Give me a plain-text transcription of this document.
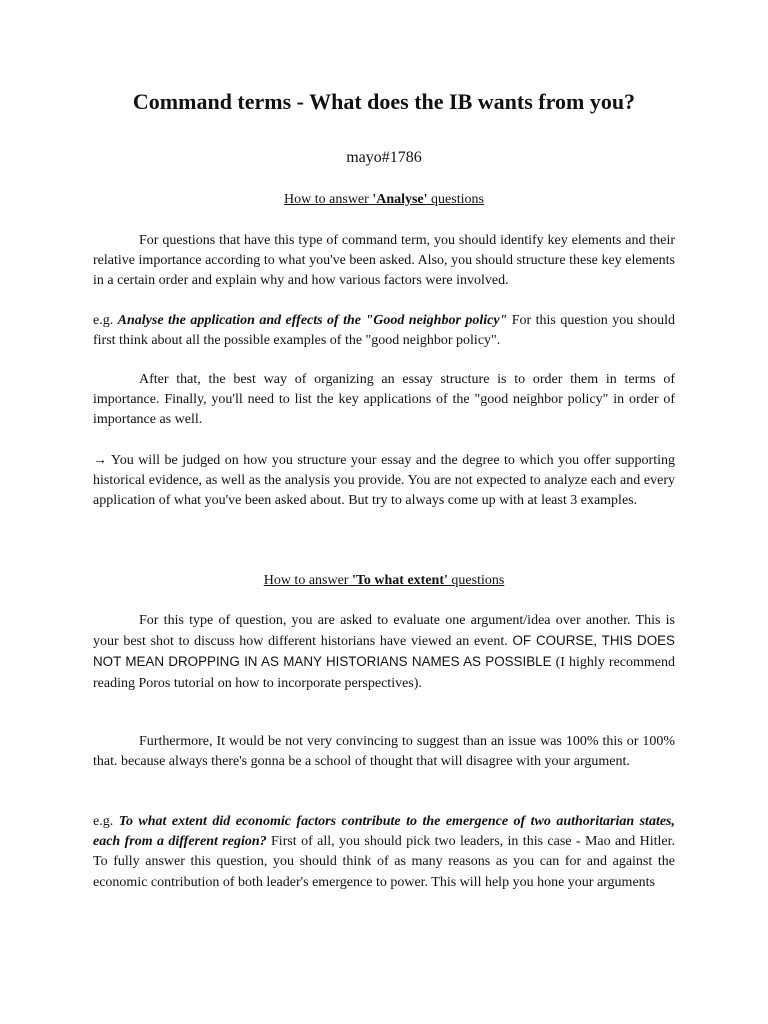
Command terms - What does the IB wants from you?
mayo#1786
How to answer 'Analyse' questions

For questions that have this type of command term, you should identify key elements and their relative importance according to what you've been asked. Also, you should structure these key elements in a certain order and explain why and how various factors were involved.

e.g. Analyse the application and effects of the "Good neighbor policy" For this question you should first think about all the possible examples of the "good neighbor policy".

After that, the best way of organizing an essay structure is to order them in terms of importance. Finally, you'll need to list the key applications of the "good neighbor policy" in order of importance as well.

→ You will be judged on how you structure your essay and the degree to which you offer supporting historical evidence, as well as the analysis you provide. You are not expected to analyze each and every application of what you've been asked about. But try to always come up with at least 3 examples.

How to answer 'To what extent' questions

For this type of question, you are asked to evaluate one argument/idea over another. This is your best shot to discuss how different historians have viewed an event. OF COURSE, THIS DOES NOT MEAN DROPPING IN AS MANY HISTORIANS NAMES AS POSSIBLE (I highly recommend reading Poros tutorial on how to incorporate perspectives).

Furthermore, It would be not very convincing to suggest than an issue was 100% this or 100% that. because always there's gonna be a school of thought that will disagree with your argument.

e.g. To what extent did economic factors contribute to the emergence of two authoritarian states, each from a different region? First of all, you should pick two leaders, in this case - Mao and Hitler. To fully answer this question, you should think of as many reasons as you can for and against the economic contribution of both leader's emergence to power. This will help you hone your arguments
